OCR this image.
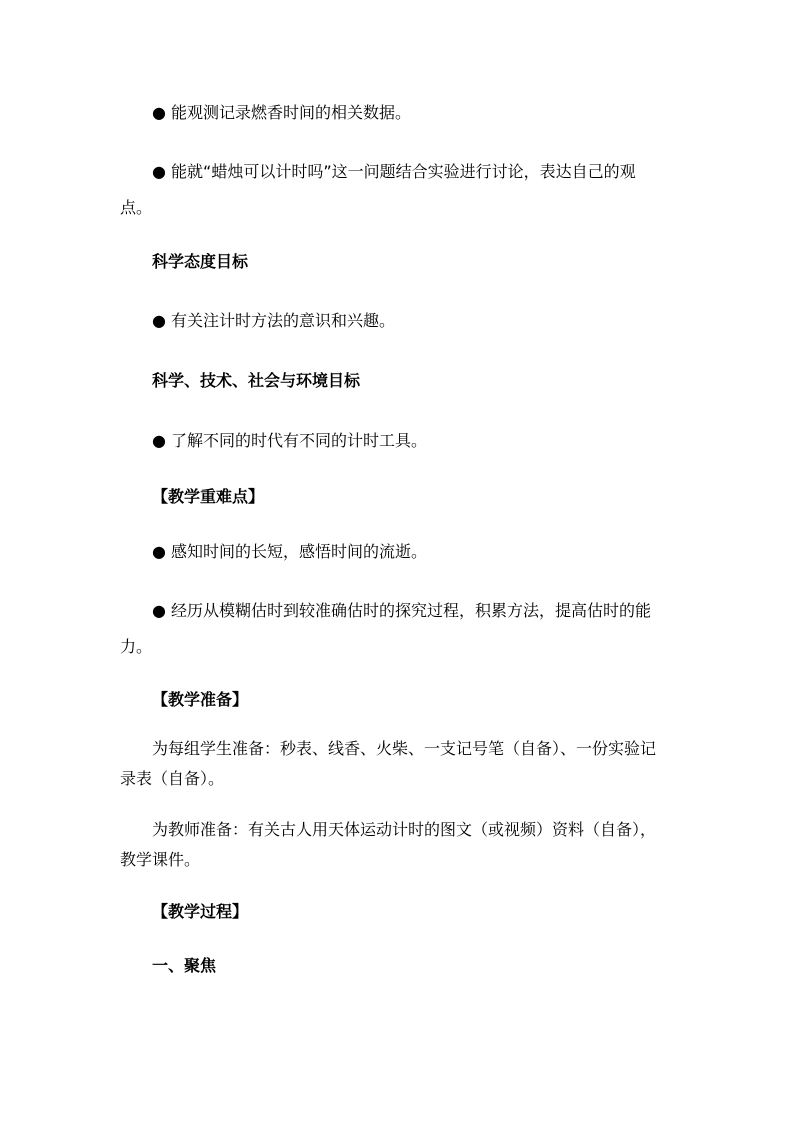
● 能观测记录燃香时间的相关数据。
● 能就“蜡烛可以计时吗”这一问题结合实验进行讨论，表达自己的观
点。
科学态度目标
● 有关注计时方法的意识和兴趣。
科学、技术、社会与环境目标
● 了解不同的时代有不同的计时工具。
【教学重难点】
● 感知时间的长短，感悟时间的流逝。
● 经历从模糊估时到较准确估时的探究过程，积累方法，提高估时的能
力。
【教学准备】
为每组学生准备：秒表、线香、火柴、一支记号笔（自备）、一份实验记
录表（自备）。
为教师准备：有关古人用天体运动计时的图文（或视频）资料（自备），
教学课件。
【教学过程】
一、聚焦
